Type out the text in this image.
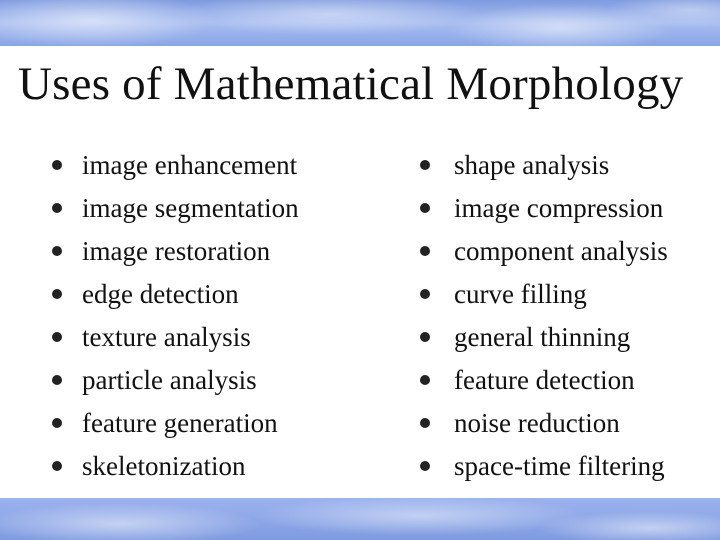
Uses of Mathematical Morphology
image enhancement
image segmentation
image restoration
edge detection
texture analysis
particle analysis
feature generation
skeletonization
shape analysis
image compression
component analysis
curve filling
general thinning
feature detection
noise reduction
space-time filtering
